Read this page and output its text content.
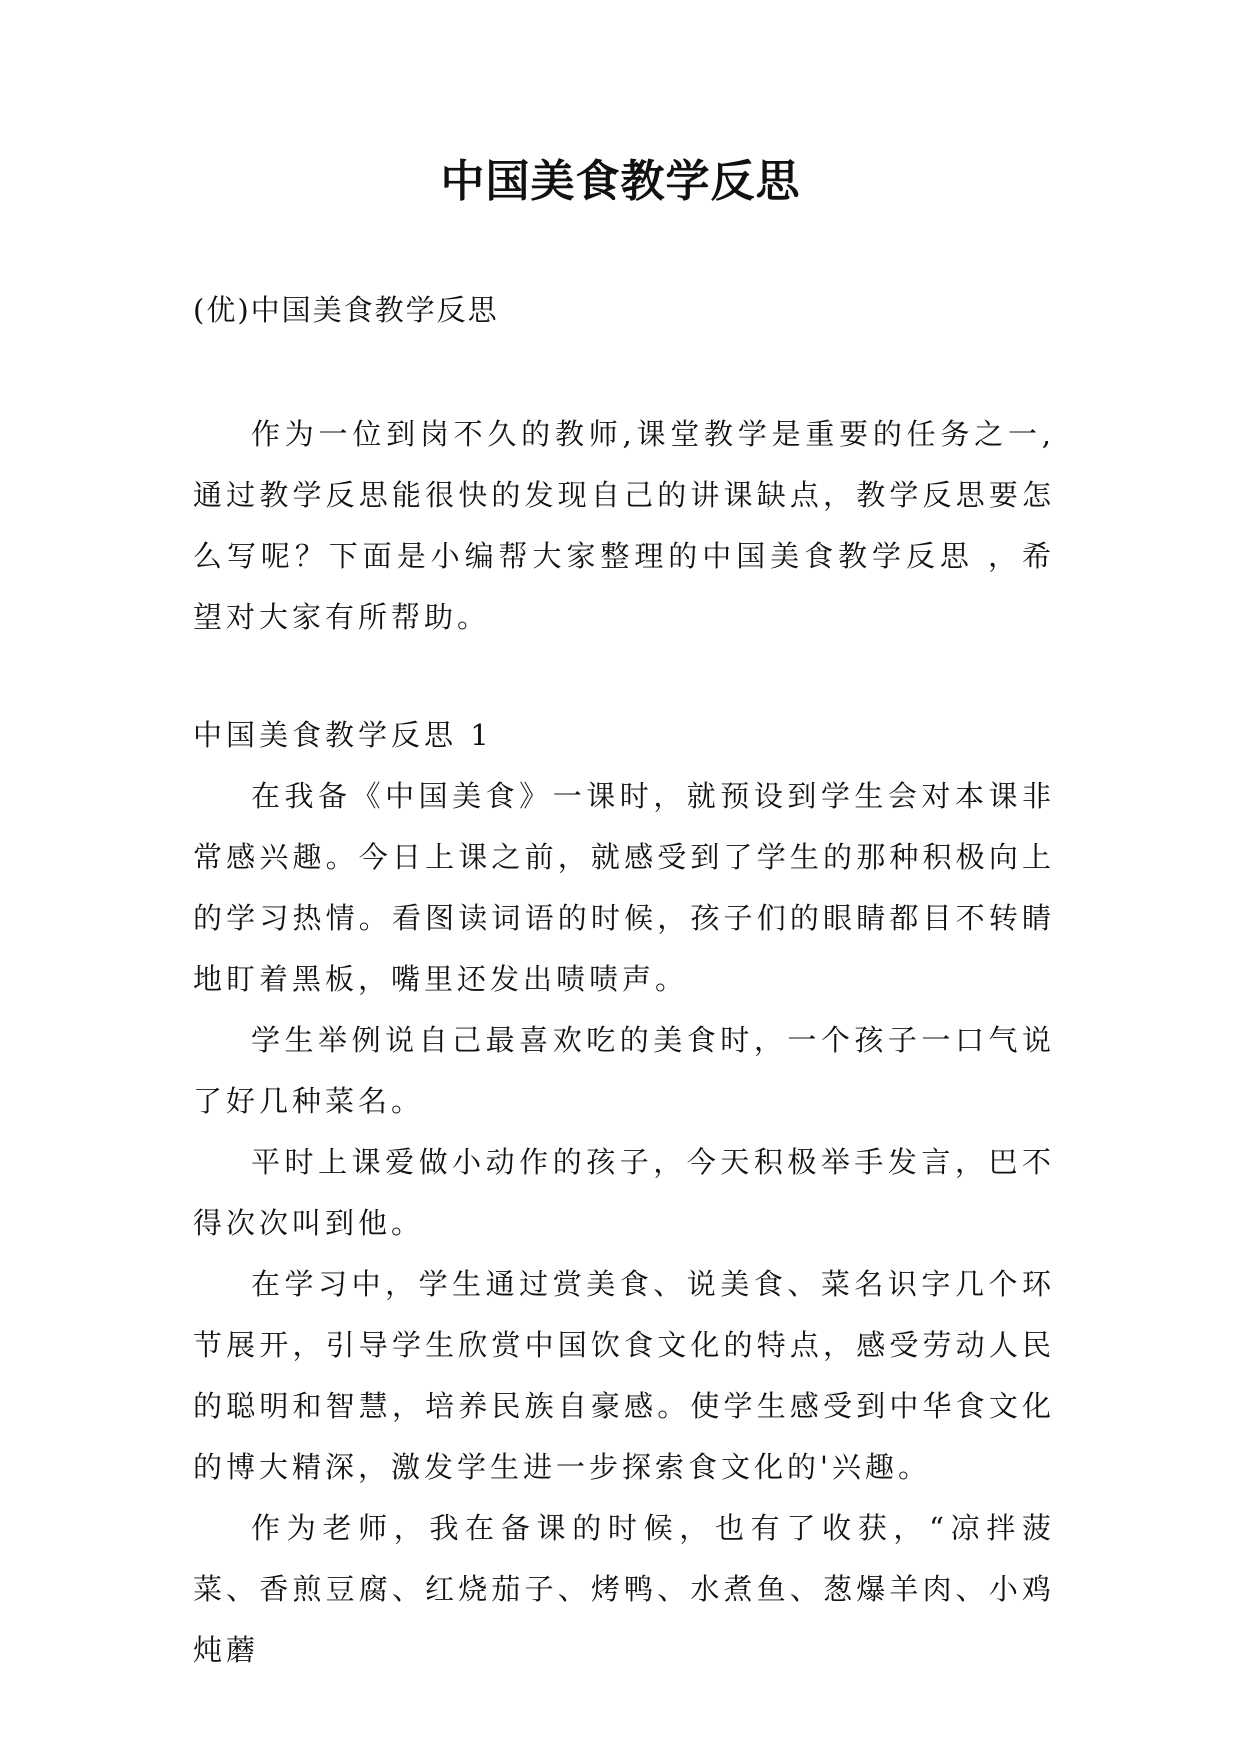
中国美食教学反思

(优)中国美食教学反思

作为一位到岗不久的教师,课堂教学是重要的任务之一,通过教学反思能很快的发现自己的讲课缺点，教学反思要怎么写呢？下面是小编帮大家整理的中国美食教学反思 ，希望对大家有所帮助。

中国美食教学反思 1

在我备《中国美食》一课时，就预设到学生会对本课非常感兴趣。今日上课之前，就感受到了学生的那种积极向上的学习热情。看图读词语的时候，孩子们的眼睛都目不转睛地盯着黑板，嘴里还发出啧啧声。

学生举例说自己最喜欢吃的美食时，一个孩子一口气说了好几种菜名。

平时上课爱做小动作的孩子，今天积极举手发言，巴不得次次叫到他。

在学习中，学生通过赏美食、说美食、菜名识字几个环节展开，引导学生欣赏中国饮食文化的特点，感受劳动人民的聪明和智慧，培养民族自豪感。使学生感受到中华食文化的博大精深，激发学生进一步探索食文化的'兴趣。

作为老师，我在备课的时候，也有了收获，“凉拌菠菜、香煎豆腐、红烧茄子、烤鸭、水煮鱼、葱爆羊肉、小鸡炖蘑
